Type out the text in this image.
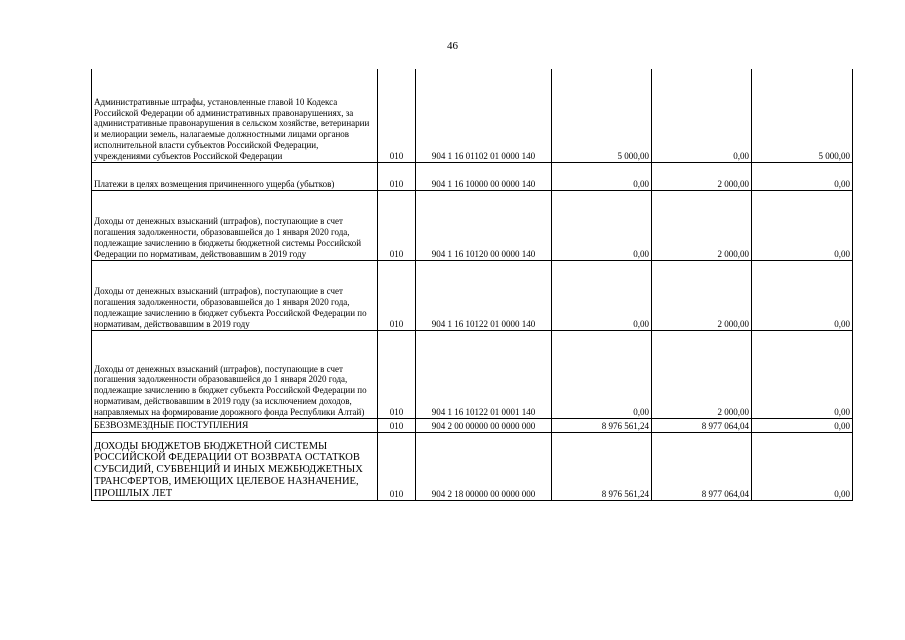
46
Административные штрафы, установленные главой 10 Кодекса Российской Федерации об административных правонарушениях, за административные правонарушения в сельском хозяйстве, ветеринарии и мелиорации земель, налагаемые должностными лицами органов исполнительной власти субъектов Российской Федерации, учреждениями субъектов Российской Федерации	010	904 1 16 01102 01 0000 140	5 000,00	0,00	5 000,00
Платежи в целях возмещения причиненного ущерба (убытков)	010	904 1 16 10000 00 0000 140	0,00	2 000,00	0,00
Доходы от денежных взысканий (штрафов), поступающие в счет погашения задолженности, образовавшейся до 1 января 2020 года, подлежащие зачислению в бюджеты бюджетной системы Российской Федерации по нормативам, действовавшим в 2019 году	010	904 1 16 10120 00 0000 140	0,00	2 000,00	0,00
Доходы от денежных взысканий (штрафов), поступающие в счет погашения задолженности, образовавшейся до 1 января 2020 года, подлежащие зачислению в бюджет субъекта Российской Федерации по нормативам, действовавшим в 2019 году	010	904 1 16 10122 01 0000 140	0,00	2 000,00	0,00
Доходы от денежных взысканий (штрафов), поступающие в счет погашения задолженности образовавшейся до 1 января 2020 года, подлежащие зачислению в бюджет субъекта Российской Федерации по нормативам, действовавшим в 2019 году (за исключением доходов, направляемых на формирование дорожного фонда Республики Алтай)	010	904 1 16 10122 01 0001 140	0,00	2 000,00	0,00
БЕЗВОЗМЕЗДНЫЕ ПОСТУПЛЕНИЯ	010	904 2 00 00000 00 0000 000	8 976 561,24	8 977 064,04	0,00
ДОХОДЫ БЮДЖЕТОВ БЮДЖЕТНОЙ СИСТЕМЫ РОССИЙСКОЙ ФЕДЕРАЦИИ ОТ ВОЗВРАТА ОСТАТКОВ СУБСИДИЙ, СУБВЕНЦИЙ И ИНЫХ МЕЖБЮДЖЕТНЫХ ТРАНСФЕРТОВ, ИМЕЮЩИХ ЦЕЛЕВОЕ НАЗНАЧЕНИЕ, ПРОШЛЫХ ЛЕТ	010	904 2 18 00000 00 0000 000	8 976 561,24	8 977 064,04	0,00
